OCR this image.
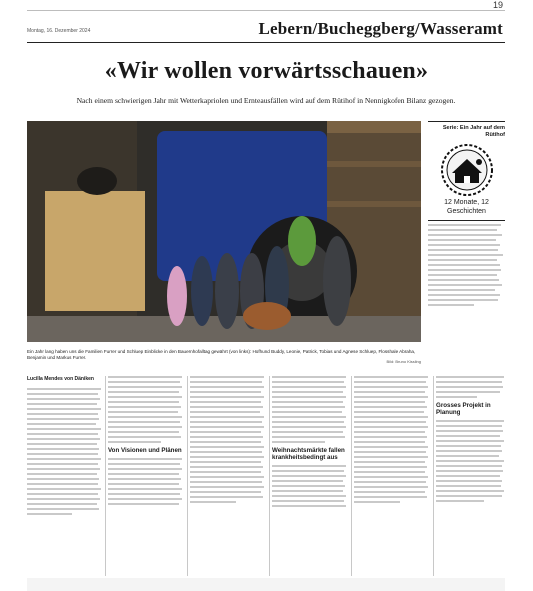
19
Montag, 16. Dezember 2024	Lebern/Bucheggberg/Wasseramt
«Wir wollen vorwärtsschauen»
Nach einem schwierigen Jahr mit Wetterkapriolen und Ernteausfällen wird auf dem Rütihof in Nennigkofen Bilanz gezogen.
Ein Jahr lang haben uns die Familien Furrer und Schluep Einblicke in den Bauernhofalltag gewährt (von links): Hofhund Buddy, Leonie, Patrick, Tobias und Agnese Schluep, Flosshale Abraha, Benjamin und Markus Furrer.
Bild: Bruno Kissling
Serie: Ein Jahr auf dem Rütihof
12 Monate, 12 Geschichten
Lucilla Mendes von Däniken
Von Visionen und Plänen	Weihnachtsmärkte fallen krankheitsbedingt aus
Grosses Projekt in Planung
